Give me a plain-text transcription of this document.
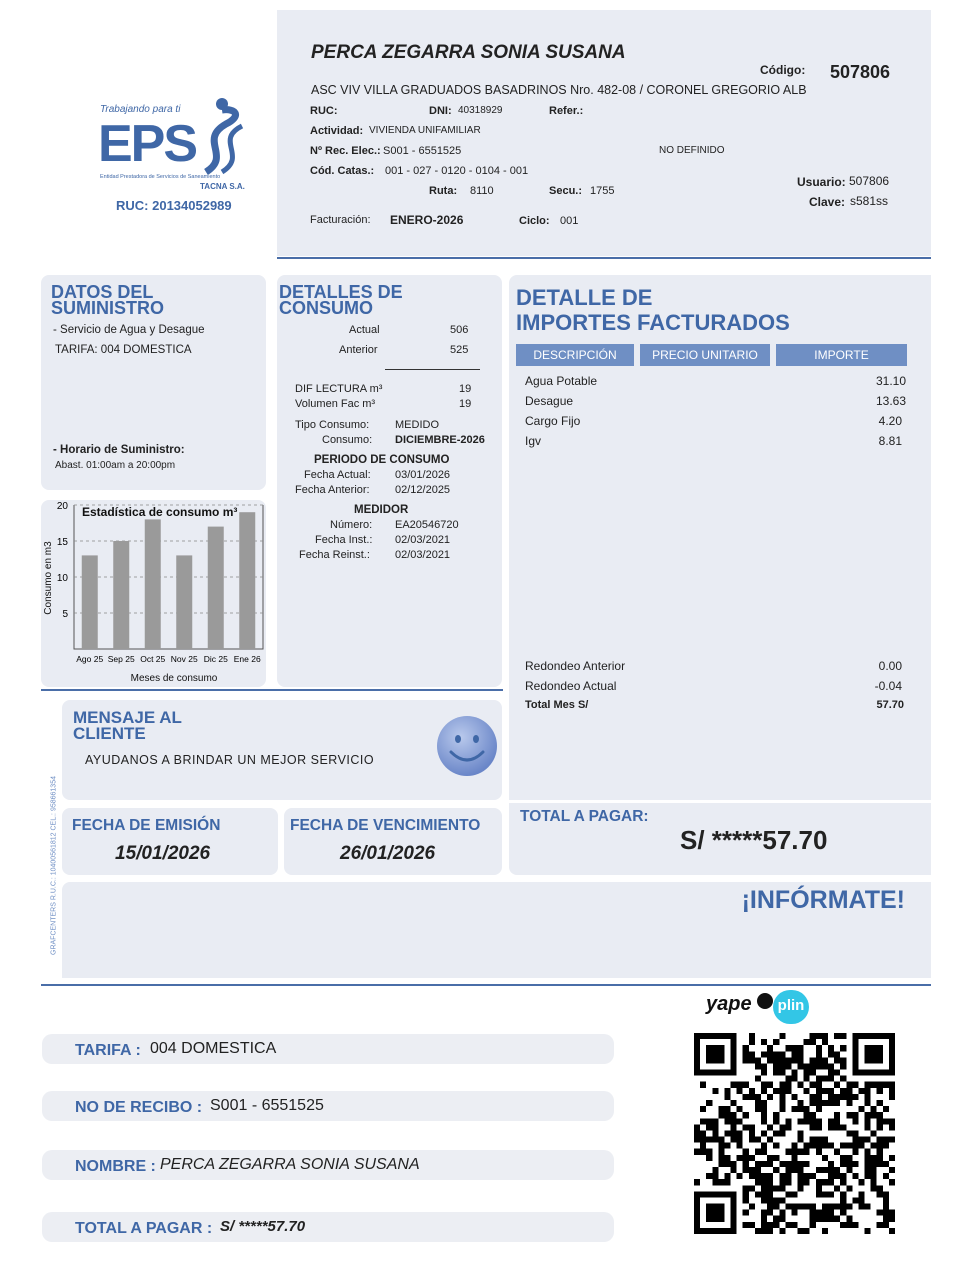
Trabajando para ti
EPS
Entidad Prestadora de Servicios de Saneamiento
TACNA S.A.
RUC: 20134052989
PERCA ZEGARRA SONIA SUSANA
Código: 507806
ASC VIV VILLA GRADUADOS BASADRINOS Nro. 482-08 / CORONEL GREGORIO ALB
RUC:	DNI: 40318929	Refer.:
Actividad: VIVIENDA UNIFAMILIAR
Nº Rec. Elec.: S001 - 6551525	NO DEFINIDO
Cód. Catas.: 001 - 027 - 0120 - 0104 - 001
Ruta: 8110	Secu.: 1755
Usuario: 507806
Clave: s581ss
Facturación: ENERO-2026	Ciclo: 001
DATOS DEL
SUMINISTRO
- Servicio de Agua y Desague
TARIFA: 004 DOMESTICA
- Horario de Suministro:
Abast. 01:00am a 20:00pm
5
10
15
20
Ago 25 Sep 25 Oct 25 Nov 25 Dic 25 Ene 26
Estadística de consumo m³
Meses de consumo
Consumo en m3
DETALLES DE
CONSUMO
Actual	506
Anterior	525
DIF LECTURA m³	19
Volumen Fac m³	19
Tipo Consumo: MEDIDO
Consumo: DICIEMBRE-2026
PERIODO DE CONSUMO
Fecha Actual: 03/01/2026
Fecha Anterior: 02/12/2025
MEDIDOR
Número: EA20546720
Fecha Inst.: 02/03/2021
Fecha Reinst.: 02/03/2021
DETALLE DE
IMPORTES FACTURADOS
DESCRIPCIÓN	PRECIO UNITARIO	IMPORTE
Agua Potable	31.10
Desague	13.63
Cargo Fijo	4.20
Igv	8.81
Redondeo Anterior	0.00
Redondeo Actual	-0.04
Total Mes S/	57.70
MENSAJE AL
CLIENTE
AYUDANOS A BRINDAR UN MEJOR SERVICIO
GRAFCENTERS R.U.C.: 10400561812 CEL.: 958661354 FECHA DE EMISIÓN
15/01/2026
FECHA DE VENCIMIENTO
26/01/2026
TOTAL A PAGAR:
S/ *****57.70
¡INFÓRMATE!
yape	plin
TARIFA : 004 DOMESTICA
NO DE RECIBO : S001 - 6551525
NOMBRE : PERCA ZEGARRA SONIA SUSANA
TOTAL A PAGAR : S/ *****57.70
